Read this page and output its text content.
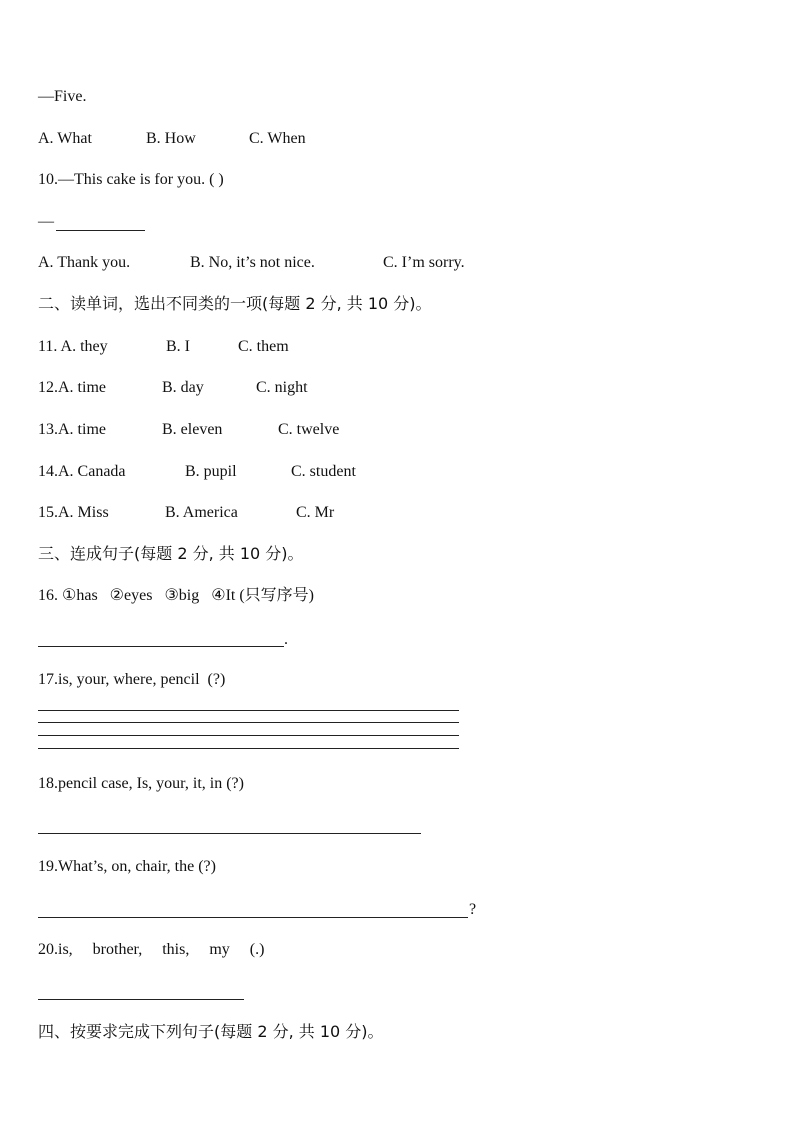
—Five.
A. What	B. How	C. When
10.—This cake is for you. ( )
—
A. Thank you.	B. No, it’s not nice.	C. I’m sorry.
二、读单词，选出不同类的一项(每题 2 分, 共 10 分)。
11. A. they	B. I	C. them
12.A. time	B. day	C. night
13.A. time	B. eleven	C. twelve
14.A. Canada	B. pupil	C. student
15.A. Miss	B. America	C. Mr
三、连成句子(每题 2 分, 共 10 分)。
16. ①has   ②eyes   ③big   ④It (只写序号)
.
17.is, your, where, pencil  (?)
18.pencil case, Is, your, it, in (?)
19.What’s, on, chair, the (?)
?
20.is,     brother,     this,     my     (.)
四、按要求完成下列句子(每题 2 分, 共 10 分)。
